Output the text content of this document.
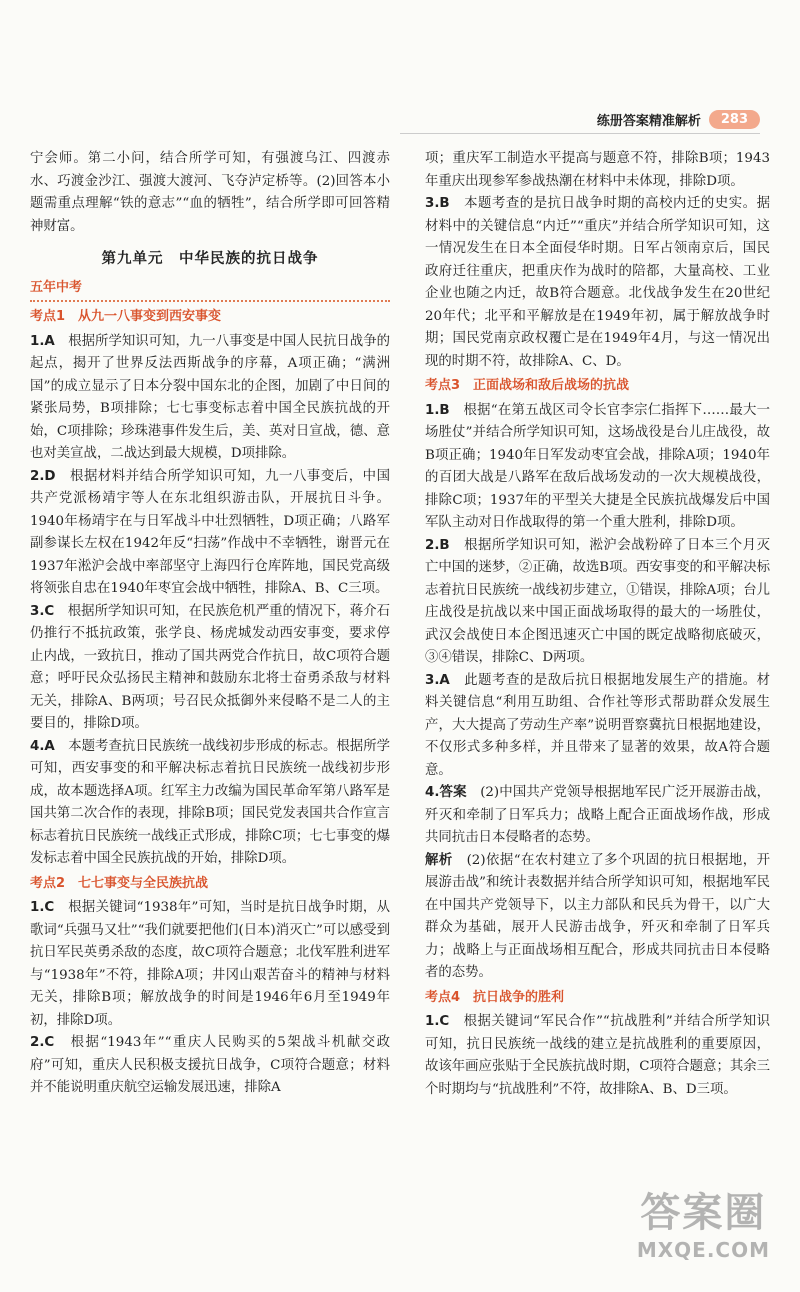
练册答案精准解析	283

宁会师。第二小问，结合所学可知，有强渡乌江、四渡赤水、巧渡金沙江、强渡大渡河、飞夺泸定桥等。(2)回答本小题需重点理解“铁的意志”“血的牺牲”，结合所学即可回答精神财富。

第九单元　中华民族的抗日战争
五年中考
考点1　从九一八事变到西安事变

1.A　 根据所学知识可知，九一八事变是中国人民抗日战争的起点，揭开了世界反法西斯战争的序幕，A项正确；“满洲国”的成立显示了日本分裂中国东北的企图，加剧了中日间的紧张局势，B项排除；七七事变标志着中国全民族抗战的开始，C项排除；珍珠港事件发生后，美、英对日宣战，德、意也对美宣战，二战达到最大规模，D项排除。

2.D　 根据材料并结合所学知识可知，九一八事变后，中国共产党派杨靖宇等人在东北组织游击队，开展抗日斗争。1940年杨靖宇在与日军战斗中壮烈牺牲，D项正确；八路军副参谋长左权在1942年反“扫荡”作战中不幸牺牲，谢晋元在1937年淞沪会战中率部坚守上海四行仓库阵地，国民党高级将领张自忠在1940年枣宜会战中牺牲，排除A、B、C三项。

3.C　 根据所学知识可知，在民族危机严重的情况下，蒋介石仍推行不抵抗政策，张学良、杨虎城发动西安事变，要求停止内战，一致抗日，推动了国共两党合作抗日，故C项符合题意；呼吁民众弘扬民主精神和鼓励东北将士奋勇杀敌与材料无关，排除A、B两项；号召民众抵御外来侵略不是二人的主要目的，排除D项。

4.A　 本题考查抗日民族统一战线初步形成的标志。根据所学可知，西安事变的和平解决标志着抗日民族统一战线初步形成，故本题选择A项。红军主力改编为国民革命军第八路军是国共第二次合作的表现，排除B项；国民党发表国共合作宣言标志着抗日民族统一战线正式形成，排除C项；七七事变的爆发标志着中国全民族抗战的开始，排除D项。

考点2　七七事变与全民族抗战

1.C　 根据关键词“1938年”可知，当时是抗日战争时期，从歌词“兵强马又壮”“我们就要把他们(日本)消灭亡”可以感受到抗日军民英勇杀敌的态度，故C项符合题意；北伐军胜利进军与“1938年”不符，排除A项；井冈山艰苦奋斗的精神与材料无关，排除B项；解放战争的时间是1946年6月至1949年初，排除D项。

2.C　 根据“1943年”“重庆人民购买的5架战斗机献交政府”可知，重庆人民积极支援抗日战争，C项符合题意；材料并不能说明重庆航空运输发展迅速，排除A

项；重庆军工制造水平提高与题意不符，排除B项；1943年重庆出现参军参战热潮在材料中未体现，排除D项。

3.B　 本题考查的是抗日战争时期的高校内迁的史实。据材料中的关键信息“内迁”“重庆”并结合所学知识可知，这一情况发生在日本全面侵华时期。日军占领南京后，国民政府迁往重庆，把重庆作为战时的陪都，大量高校、工业企业也随之内迁，故B符合题意。北伐战争发生在20世纪20年代；北平和平解放是在1949年初，属于解放战争时期；国民党南京政权覆亡是在1949年4月，与这一情况出现的时期不符，故排除A、C、D。

考点3　正面战场和敌后战场的抗战

1.B　 根据“在第五战区司令长官李宗仁指挥下……最大一场胜仗”并结合所学知识可知，这场战役是台儿庄战役，故B项正确；1940年日军发动枣宜会战，排除A项；1940年的百团大战是八路军在敌后战场发动的一次大规模战役，排除C项；1937年的平型关大捷是全民族抗战爆发后中国军队主动对日作战取得的第一个重大胜利，排除D项。

2.B　 根据所学知识可知，淞沪会战粉碎了日本三个月灭亡中国的迷梦，②正确，故选B项。西安事变的和平解决标志着抗日民族统一战线初步建立，①错误，排除A项；台儿庄战役是抗战以来中国正面战场取得的最大的一场胜仗，武汉会战使日本企图迅速灭亡中国的既定战略彻底破灭，③④错误，排除C、D两项。

3.A　 此题考查的是敌后抗日根据地发展生产的措施。材料关键信息“利用互助组、合作社等形式帮助群众发展生产，大大提高了劳动生产率”说明晋察冀抗日根据地建设，不仅形式多种多样，并且带来了显著的效果，故A符合题意。

4.答案　 (2)中国共产党领导根据地军民广泛开展游击战，歼灭和牵制了日军兵力；战略上配合正面战场作战，形成共同抗击日本侵略者的态势。

解析　 (2)依据“在农村建立了多个巩固的抗日根据地，开展游击战”和统计表数据并结合所学知识可知，根据地军民在中国共产党领导下，以主力部队和民兵为骨干，以广大群众为基础，展开人民游击战争，歼灭和牵制了日军兵力；战略上与正面战场相互配合，形成共同抗击日本侵略者的态势。

考点4　抗日战争的胜利

1.C　 根据关键词“军民合作”“抗战胜利”并结合所学知识可知，抗日民族统一战线的建立是抗战胜利的重要原因，故该年画应张贴于全民族抗战时期，C项符合题意；其余三个时期均与“抗战胜利”不符，故排除A、B、D三项。

答案圈
MXQE.COM
